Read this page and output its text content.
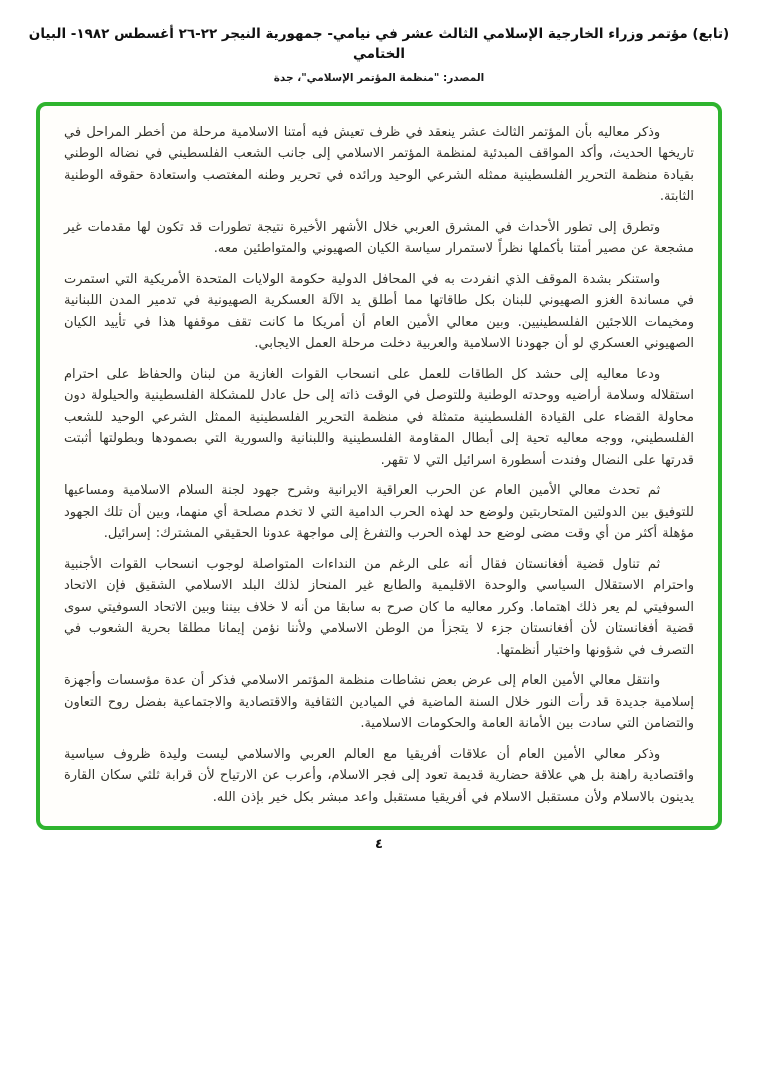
(تابع) مؤتمر وزراء الخارجية الإسلامي الثالث عشر في نيامي- جمهورية النيجر ٢٢-٢٦ أغسطس ١٩٨٢- البيان الختامي
المصدر: "منظمة المؤتمر الإسلامي"، جدة

وذكر معاليه بأن المؤتمر الثالث عشر ينعقد في ظرف تعيش فيه أمتنا الاسلامية مرحلة من أخطر المراحل في تاريخها الحديث، وأكد المواقف المبدئية لمنظمة المؤتمر الاسلامي إلى جانب الشعب الفلسطيني في نضاله الوطني بقيادة منظمة التحرير الفلسطينية ممثله الشرعي الوحيد ورائده في تحرير وطنه المغتصب واستعادة حقوقه الوطنية الثابتة.

وتطرق إلى تطور الأحداث في المشرق العربي خلال الأشهر الأخيرة نتيجة تطورات قد تكون لها مقدمات غير مشجعة عن مصير أمتنا بأكملها نظراً لاستمرار سياسة الكيان الصهيوني والمتواطئين معه.

واستنكر بشدة الموقف الذي انفردت به في المحافل الدولية حكومة الولايات المتحدة الأمريكية التي استمرت في مساندة الغزو الصهيوني للبنان بكل طاقاتها مما أطلق يد الآلة العسكرية الصهيونية في تدمير المدن اللبنانية ومخيمات اللاجئين الفلسطينيين. وبين معالي الأمين العام أن أمريكا ما كانت تقف موقفها هذا في تأييد الكيان الصهيوني العسكري لو أن جهودنا الاسلامية والعربية دخلت مرحلة العمل الايجابي.

ودعا معاليه إلى حشد كل الطاقات للعمل على انسحاب القوات الغازية من لبنان والحفاظ على احترام استقلاله وسلامة أراضيه ووحدته الوطنية وللتوصل في الوقت ذاته إلى حل عادل للمشكلة الفلسطينية والحيلولة دون محاولة القضاء على القيادة الفلسطينية متمثلة في منظمة التحرير الفلسطينية الممثل الشرعي الوحيد للشعب الفلسطيني، ووجه معاليه تحية إلى أبطال المقاومة الفلسطينية واللبنانية والسورية التي بصمودها وبطولتها أثبتت قدرتها على النضال وفندت أسطورة اسرائيل التي لا تقهر.

ثم تحدث معالي الأمين العام عن الحرب العراقية الايرانية وشرح جهود لجنة السلام الاسلامية ومساعيها للتوفيق بين الدولتين المتحاربتين ولوضع حد لهذه الحرب الدامية التي لا تخدم مصلحة أي منهما، وبين أن تلك الجهود مؤهلة أكثر من أي وقت مضى لوضع حد لهذه الحرب والتفرغ إلى مواجهة عدونا الحقيقي المشترك: إسرائيل.

ثم تناول قضية أفغانستان فقال أنه على الرغم من النداءات المتواصلة لوجوب انسحاب القوات الأجنبية واحترام الاستقلال السياسي والوحدة الاقليمية والطابع غير المنحاز لذلك البلد الاسلامي الشقيق فإن الاتحاد السوفيتي لم يعر ذلك اهتماما. وكرر معاليه ما كان صرح به سابقا من أنه لا خلاف بيننا وبين الاتحاد السوفيتي سوى قضية أفغانستان لأن أفغانستان جزء لا يتجزأ من الوطن الاسلامي ولأننا نؤمن إيمانا مطلقا بحرية الشعوب في التصرف في شؤونها واختيار أنظمتها.

وانتقل معالي الأمين العام إلى عرض بعض نشاطات منظمة المؤتمر الاسلامي فذكر أن عدة مؤسسات وأجهزة إسلامية جديدة قد رأت النور خلال السنة الماضية في الميادين الثقافية والاقتصادية والاجتماعية بفضل روح التعاون والتضامن التي سادت بين الأمانة العامة والحكومات الاسلامية.

وذكر معالي الأمين العام أن علاقات أفريقيا مع العالم العربي والاسلامي ليست وليدة ظروف سياسية واقتصادية راهنة بل هي علاقة حضارية قديمة تعود إلى فجر الاسلام، وأعرب عن الارتياح لأن قرابة ثلثي سكان القارة يدينون بالاسلام ولأن مستقبل الاسلام في أفريقيا مستقبل واعد مبشر بكل خير بإذن الله.

٤
